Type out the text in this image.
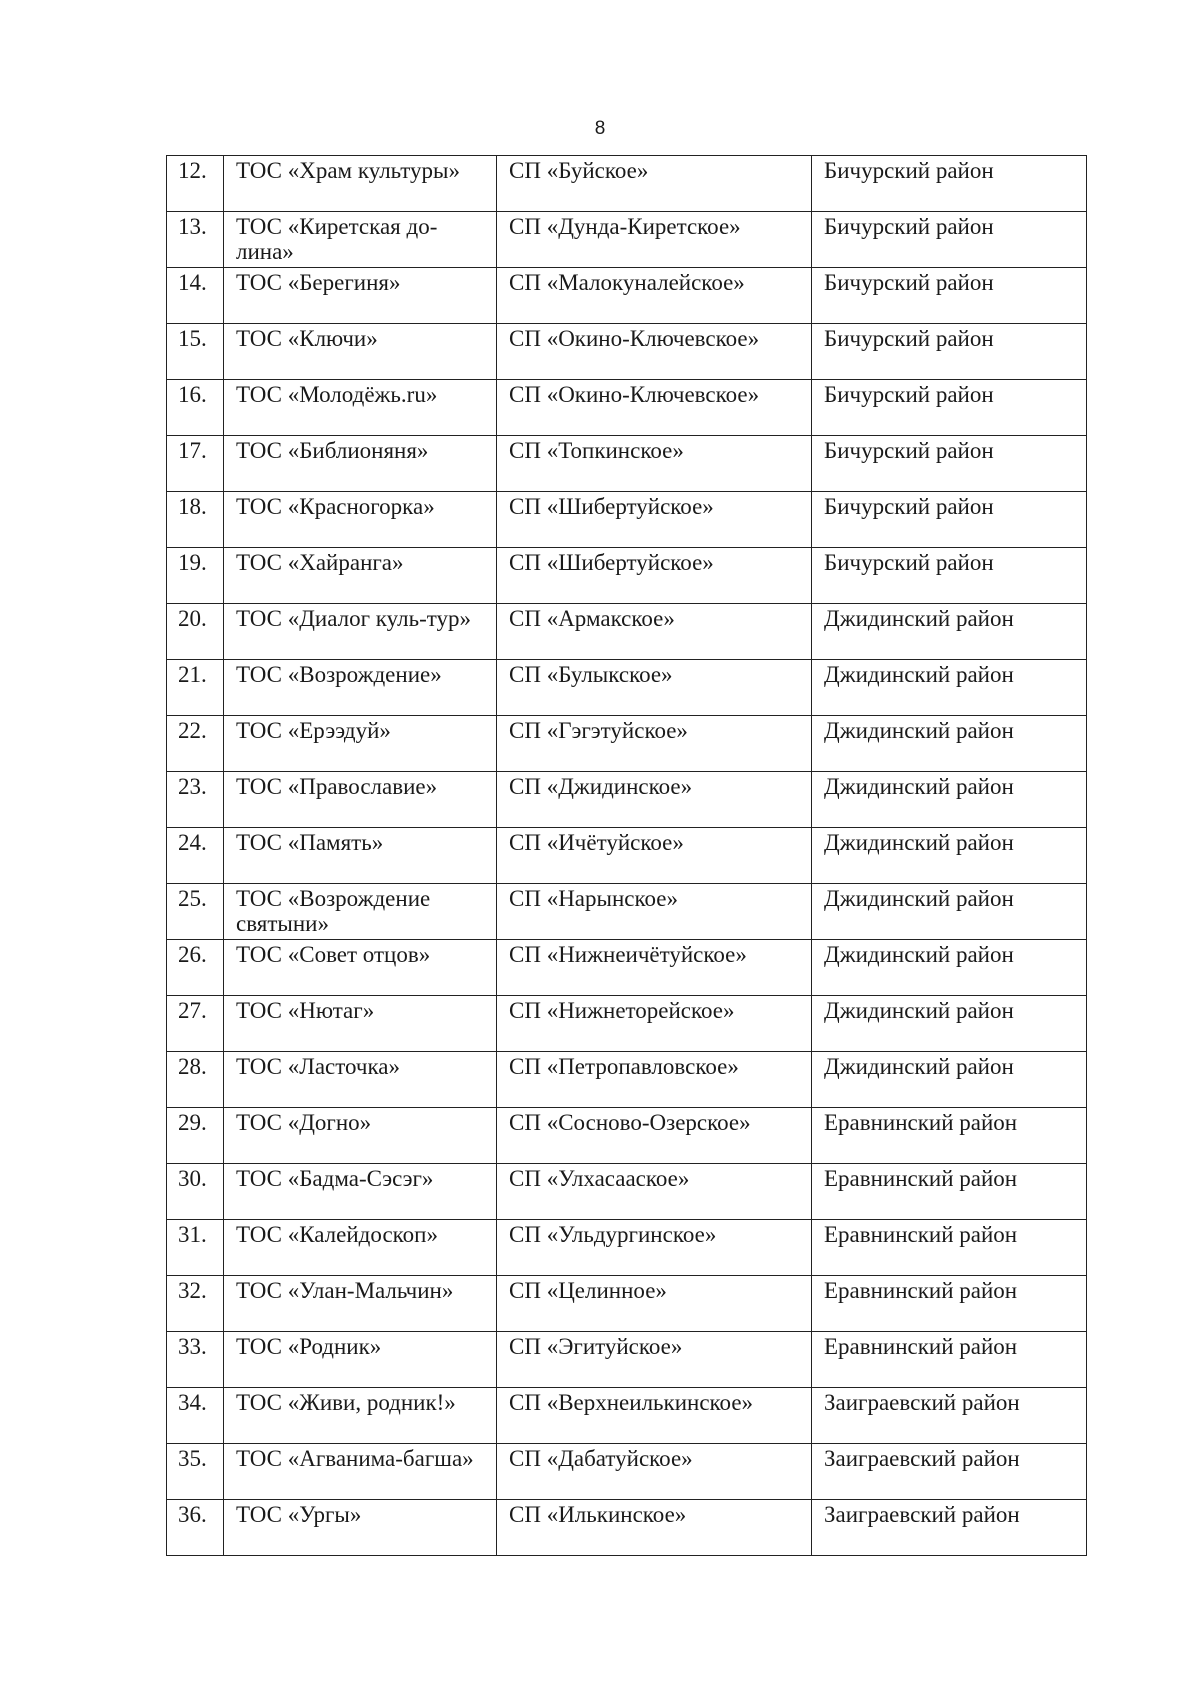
8
12.	ТОС «Храм культуры»	СП «Буйское»	Бичурский район
13.	ТОС «Киретская до-лина»	СП «Дунда-Киретское»	Бичурский район
14.	ТОС «Берегиня»	СП «Малокуналейское»	Бичурский район
15.	ТОС «Ключи»	СП «Окино-Ключевское»	Бичурский район
16.	ТОС «Молодёжь.ru»	СП «Окино-Ключевское»	Бичурский район
17.	ТОС «Библионяня»	СП «Топкинское»	Бичурский район
18.	ТОС «Красногорка»	СП «Шибертуйское»	Бичурский район
19.	ТОС «Хайранга»	СП «Шибертуйское»	Бичурский район
20.	ТОС «Диалог куль-тур»	СП «Армакское»	Джидинский район
21.	ТОС «Возрождение»	СП «Булыкское»	Джидинский район
22.	ТОС «Ерээдуй»	СП «Гэгэтуйское»	Джидинский район
23.	ТОС «Православие»	СП «Джидинское»	Джидинский район
24.	ТОС «Память»	СП «Ичётуйское»	Джидинский район
25.	ТОС «Возрождение святыни»	СП «Нарынское»	Джидинский район
26.	ТОС «Совет отцов»	СП «Нижнеичётуйское»	Джидинский район
27.	ТОС «Нютаг»	СП «Нижнеторейское»	Джидинский район
28.	ТОС «Ласточка»	СП «Петропавловское»	Джидинский район
29.	ТОС «Догно»	СП «Сосново-Озерское»	Еравнинский район
30.	ТОС «Бадма-Сэсэг»	СП «Улхасаaское»	Еравнинский район
31.	ТОС «Калейдоскоп»	СП «Ульдургинское»	Еравнинский район
32.	ТОС «Улан-Мальчин»	СП «Целинное»	Еравнинский район
33.	ТОС «Родник»	СП «Эгитуйское»	Еравнинский район
34.	ТОС «Живи, родник!»	СП «Верхнеилькинское»	Заиграевский район
35.	ТОС «Агванима-багша»	СП «Дабатуйское»	Заиграевский район
36.	ТОС «Ургы»	СП «Илькинское»	Заиграевский район
